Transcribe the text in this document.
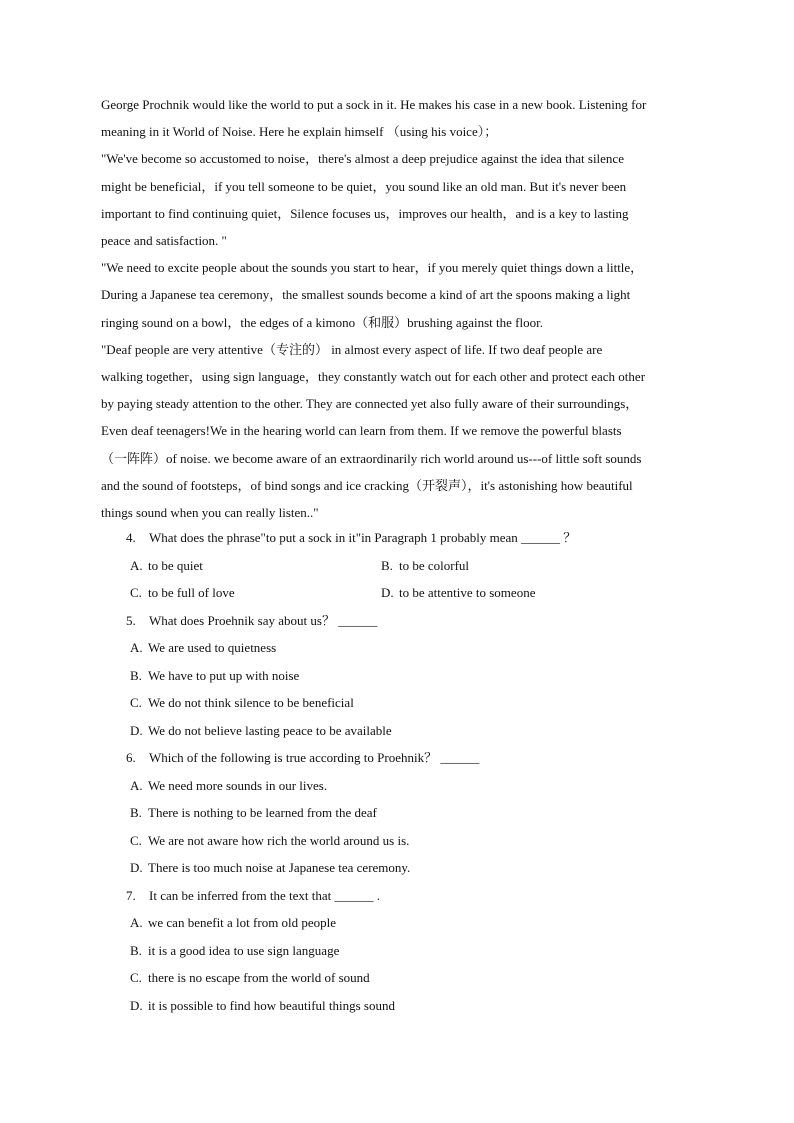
George Prochnik would like the world to put a sock in it. He makes his case in a new book. Listening for

meaning in it World of Noise. Here he explain himself （using his voice）；

"We've become so accustomed to noise，there's almost a deep prejudice against the idea that silence

might be beneficial，if you tell someone to be quiet，you sound like an old man. But it's never been

important to find continuing quiet，Silence focuses us，improves our health，and is a key to lasting

peace and satisfaction. "

"We need to excite people about the sounds you start to hear，if you merely quiet things down a little，

During a Japanese tea ceremony，the smallest sounds become a kind of art the spoons making a light

ringing sound on a bowl，the edges of a kimono（和服）brushing against the floor.

"Deaf people are very attentive（专注的） in almost every aspect of life. If two deaf people are

walking together，using sign language，they constantly watch out for each other and protect each other

by paying steady attention to the other. They are connected yet also fully aware of their surroundings，

Even deaf teenagers!We in the hearing world can learn from them. If we remove the powerful blasts

（一阵阵）of noise. we become aware of an extraordinarily rich world around us---of little soft sounds

and the sound of footsteps，of bind songs and ice cracking（开裂声），it's astonishing how beautiful

things sound when you can really listen.."

4. What does the phrase"to put a sock in it"in Paragraph 1 probably mean ______ ？
A. to be quiet	B. to be colorful
C. to be full of love	D. to be attentive to someone
5. What does Proehnik say about us？ ______
A. We are used to quietness
B. We have to put up with noise
C. We do not think silence to be beneficial
D. We do not believe lasting peace to be available
6. Which of the following is true according to Proehnik？ ______
A. We need more sounds in our lives.
B. There is nothing to be learned from the deaf
C. We are not aware how rich the world around us is.
D. There is too much noise at Japanese tea ceremony.
7. It can be inferred from the text that ______ .
A. we can benefit a lot from old people
B. it is a good idea to use sign language
C. there is no escape from the world of sound
D. it is possible to find how beautiful things sound
